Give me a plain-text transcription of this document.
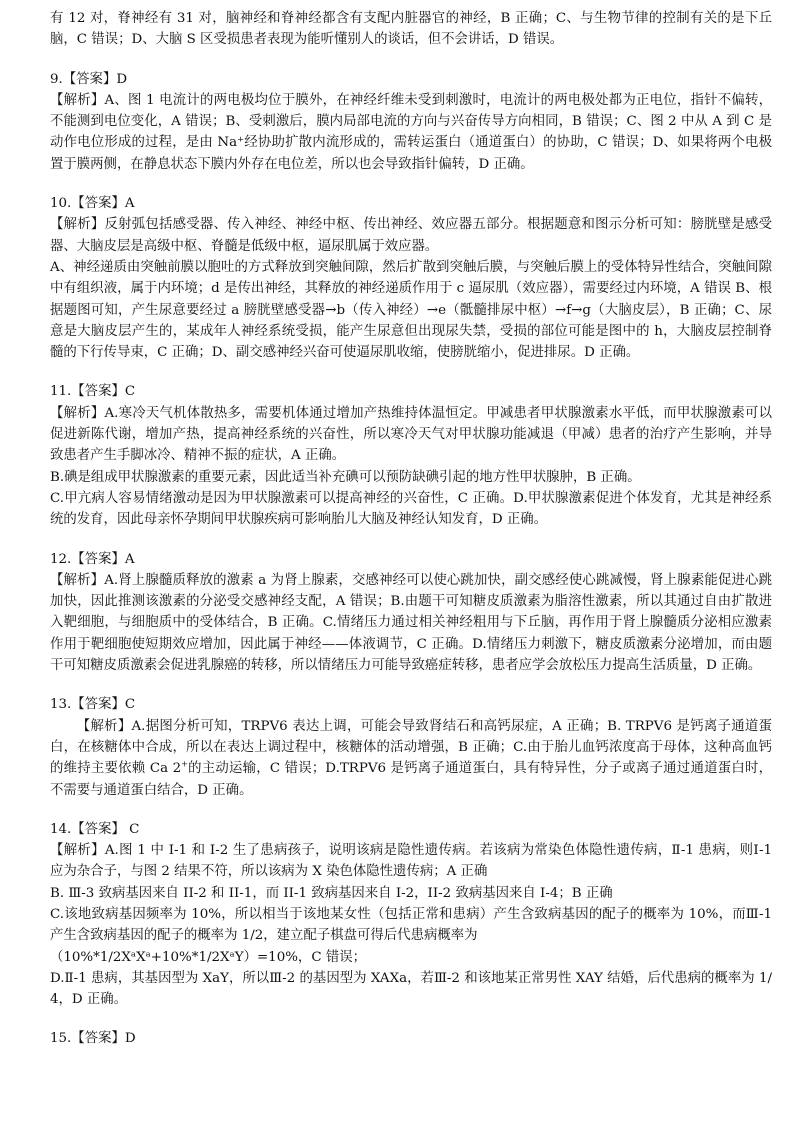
有 12 对，脊神经有 31 对，脑神经和脊神经都含有支配内脏器官的神经，B 正确；C、与生物节律的控制有关的是下丘脑，C 错误；D、大脑 S 区受损患者表现为能听懂别人的谈话，但不会讲话，D 错误。

9.【答案】D

【解析】A、图 1 电流计的两电极均位于膜外，在神经纤维未受到刺激时，电流计的两电极处都为正电位，指针不偏转，不能测到电位变化，A 错误；B、受刺激后，膜内局部电流的方向与兴奋传导方向相同，B 错误；C、图 2 中从 A 到 C 是动作电位形成的过程，是由 Na⁺经协助扩散内流形成的，需转运蛋白（通道蛋白）的协助，C 错误；D、如果将两个电极置于膜两侧，在静息状态下膜内外存在电位差，所以也会导致指针偏转，D 正确。

10.【答案】A

【解析】反射弧包括感受器、传入神经、神经中枢、传出神经、效应器五部分。根据题意和图示分析可知：膀胱壁是感受器、大脑皮层是高级中枢、脊髓是低级中枢，逼尿肌属于效应器。

A、神经递质由突触前膜以胞吐的方式释放到突触间隙，然后扩散到突触后膜，与突触后膜上的受体特异性结合，突触间隙中有组织液，属于内环境；d 是传出神经，其释放的神经递质作用于 c 逼尿肌（效应器），需要经过内环境，A 错误 B、根据题图可知，产生尿意要经过 a 膀胱壁感受器→b（传入神经）→e（骶髓排尿中枢）→f→g（大脑皮层），B 正确；C、尿意是大脑皮层产生的，某成年人神经系统受损，能产生尿意但出现尿失禁，受损的部位可能是图中的 h，大脑皮层控制脊髓的下行传导束，C 正确；D、副交感神经兴奋可使逼尿肌收缩，使膀胱缩小，促进排尿。D 正确。

11.【答案】C

【解析】A.寒冷天气机体散热多，需要机体通过增加产热维持体温恒定。甲减患者甲状腺激素水平低，而甲状腺激素可以促进新陈代谢，增加产热，提高神经系统的兴奋性，所以寒冷天气对甲状腺功能减退（甲减）患者的治疗产生影响，并导致患者产生手脚冰冷、精神不振的症状，A 正确。

B.碘是组成甲状腺激素的重要元素，因此适当补充碘可以预防缺碘引起的地方性甲状腺肿，B 正确。

C.甲亢病人容易情绪激动是因为甲状腺激素可以提高神经的兴奋性，C 正确。D.甲状腺激素促进个体发育，尤其是神经系统的发育，因此母亲怀孕期间甲状腺疾病可影响胎儿大脑及神经认知发育，D 正确。

12.【答案】A

【解析】A.肾上腺髓质释放的激素 a 为肾上腺素，交感神经可以使心跳加快，副交感经使心跳减慢，肾上腺素能促进心跳加快，因此推测该激素的分泌受交感神经支配，A 错误；B.由题干可知糖皮质激素为脂溶性激素，所以其通过自由扩散进入靶细胞，与细胞质中的受体结合，B 正确。C.情绪压力通过相关神经粗用与下丘脑，再作用于肾上腺髓质分泌相应激素作用于靶细胞使短期效应增加，因此属于神经——体液调节，C 正确。D.情绪压力刺激下，糖皮质激素分泌增加，而由题干可知糖皮质激素会促进乳腺癌的转移，所以情绪压力可能导致癌症转移，患者应学会放松压力提高生活质量，D 正确。

13.【答案】C

【解析】A.据图分析可知，TRPV6 表达上调，可能会导致肾结石和高钙尿症，A 正确；B. TRPV6 是钙离子通道蛋白，在核糖体中合成，所以在表达上调过程中，核糖体的活动增强，B 正确；C.由于胎儿血钙浓度高于母体，这种高血钙的维持主要依赖 Ca 2+的主动运输，C 错误；D.TRPV6 是钙离子通道蛋白，具有特异性，分子或离子通过通道蛋白时，不需要与通道蛋白结合，D 正确。

14.【答案】 C

【解析】A.图 1 中 I-1 和 I-2 生了患病孩子，说明该病是隐性遗传病。若该病为常染色体隐性遗传病，Ⅱ-1 患病，则Ⅰ-1 应为杂合子，与图 2 结果不符，所以该病为 X 染色体隐性遗传病；A 正确

B. Ⅲ-3 致病基因来自 II-2 和 II-1，而 II-1 致病基因来自 I-2，II-2 致病基因来自 I-4；B 正确

C.该地致病基因频率为 10%，所以相当于该地某女性（包括正常和患病）产生含致病基因的配子的概率为 10%，而Ⅲ-1 产生含致病基因的配子的概率为 1/2，建立配子棋盘可得后代患病概率为

（10%*1/2XᵃXᵃ+10%*1/2XᵃY）=10%，C 错误；

D.Ⅱ-1 患病，其基因型为 XaY，所以Ⅲ-2 的基因型为 XAXa，若Ⅲ-2 和该地某正常男性 XAY 结婚，后代患病的概率为 1/4，D 正确。

15.【答案】D
